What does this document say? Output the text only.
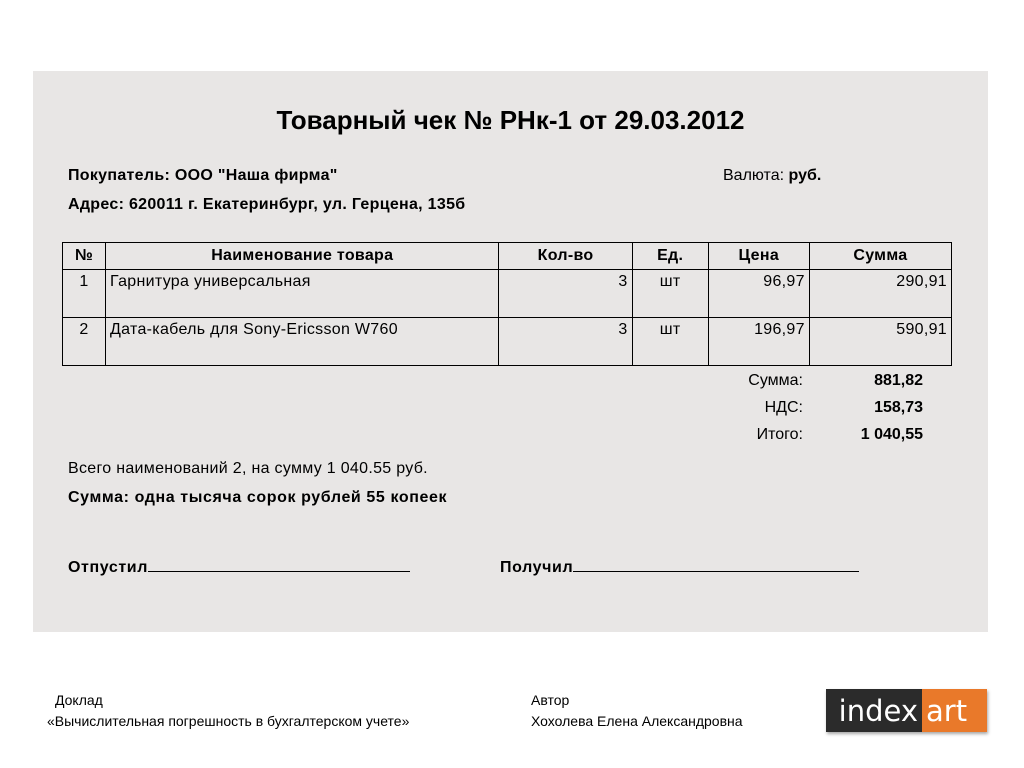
Товарный чек № РНк-1 от 29.03.2012
Покупатель: ООО "Наша фирма"
Адрес: 620011 г. Екатеринбург, ул. Герцена, 135б
Валюта: руб.
№	Наименование товара	Кол-во	Ед.	Цена	Сумма
1	Гарнитура универсальная	3	шт	96,97	290,91
2	Дата-кабель для Sony-Ericsson W760	3	шт	196,97	590,91
Сумма:	881,82
НДС:	158,73
Итого:	1 040,55
Всего наименований 2, на сумму 1 040.55 руб.
Сумма: одна тысяча сорок рублей 55 копеек
Отпустил	Получил
Доклад
«Вычислительная погрешность в бухгалтерском учете»
Автор
Хохолева Елена Александровна	index art
